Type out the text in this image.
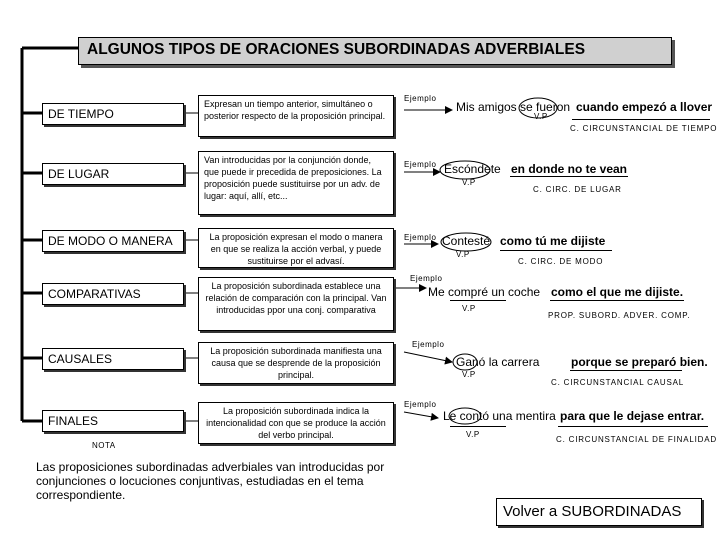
ALGUNOS TIPOS DE ORACIONES SUBORDINADAS ADVERBIALES
DE TIEMPO
DE LUGAR
DE MODO O MANERA
COMPARATIVAS
CAUSALES
FINALES
Expresan un tiempo anterior, simultáneo o posterior respecto de la proposición principal.
Van introducidas por la conjunción donde, que puede ir precedida de preposiciones. La proposición puede sustituirse por un adv. de lugar: aquí, allí, etc...
La proposición expresan el modo o manera en que se realiza la acción verbal, y puede sustituirse por el advasí.
La proposición subordinada establece una relación de comparación con la principal. Van introducidas ppor una conj. comparativa
La proposición subordinada manifiesta una causa que se desprende de la proposición principal.
La proposición subordinada indica la intencionalidad con que se produce la acción del verbo principal.
Ejemplo
Ejemplo
Ejemplo
Ejemplo
Ejemplo
Ejemplo
Mis amigos se fueron cuando empezó a llover
V.P
C. CIRCUNSTANCIAL DE TIEMPO
Escóndete en donde no te vean
V.P
C. CIRC. DE LUGAR
Contesté como tú me dijiste
V.P
C. CIRC. DE MODO
Me compré un coche como el que me dijiste.
V.P
PROP. SUBORD. ADVER. COMP.
Ganó la carrera	porque se preparó bien.
V.P
C. CIRCUNSTANCIAL CAUSAL
Le contó una mentira para que le dejase entrar.
V.P
C. CIRCUNSTANCIAL DE FINALIDAD
NOTA
Las proposiciones subordinadas adverbiales van introducidas por conjunciones o locuciones conjuntivas, estudiadas en el tema correspondiente.
Volver a SUBORDINADAS
